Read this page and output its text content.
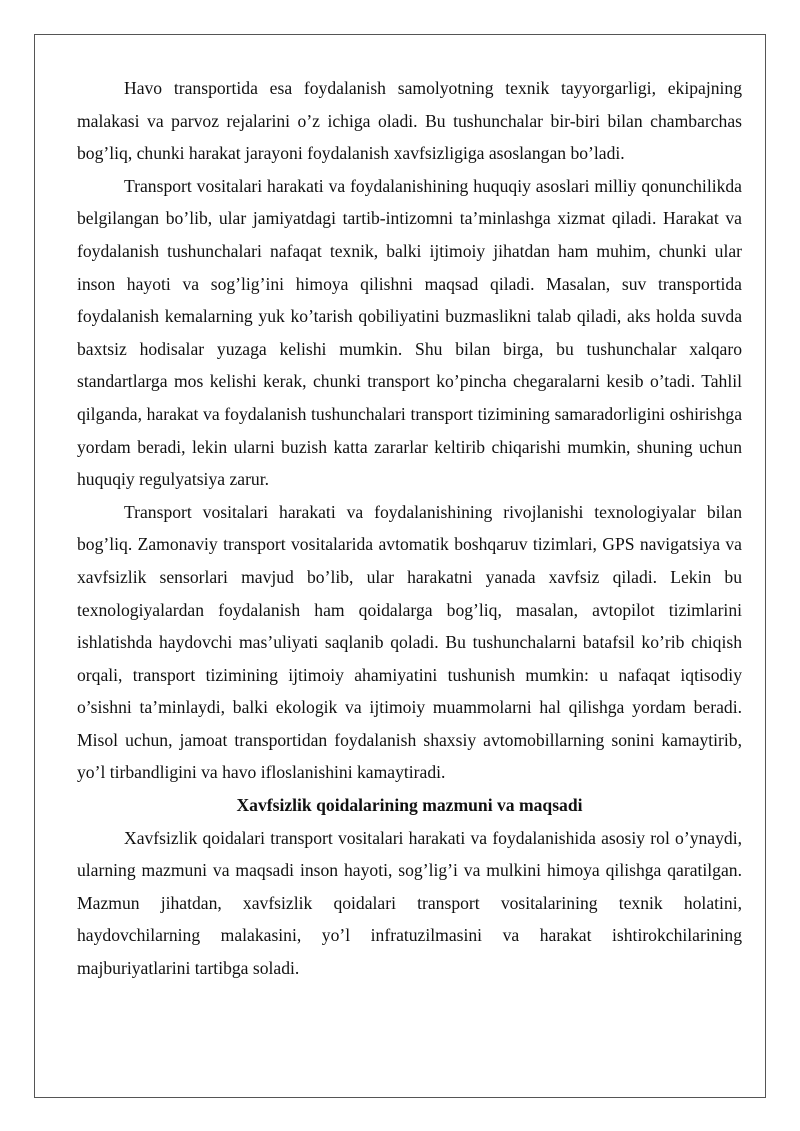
Havo transportida esa foydalanish samolyotning texnik tayyorgarligi, ekipajning malakasi va parvoz rejalarini o’z ichiga oladi. Bu tushunchalar bir-biri bilan chambarchas bog’liq, chunki harakat jarayoni foydalanish xavfsizligiga asoslangan bo’ladi.

Transport vositalari harakati va foydalanishining huquqiy asoslari milliy qonunchilikda belgilangan bo’lib, ular jamiyatdagi tartib-intizomni ta’minlashga xizmat qiladi. Harakat va foydalanish tushunchalari nafaqat texnik, balki ijtimoiy jihatdan ham muhim, chunki ular inson hayoti va sog’lig’ini himoya qilishni maqsad qiladi. Masalan, suv transportida foydalanish kemalarning yuk ko’tarish qobiliyatini buzmaslikni talab qiladi, aks holda suvda baxtsiz hodisalar yuzaga kelishi mumkin. Shu bilan birga, bu tushunchalar xalqaro standartlarga mos kelishi kerak, chunki transport ko’pincha chegaralarni kesib o’tadi. Tahlil qilganda, harakat va foydalanish tushunchalari transport tizimining samaradorligini oshirishga yordam beradi, lekin ularni buzish katta zararlar keltirib chiqarishi mumkin, shuning uchun huquqiy regulyatsiya zarur.

Transport vositalari harakati va foydalanishining rivojlanishi texnologiyalar bilan bog’liq. Zamonaviy transport vositalarida avtomatik boshqaruv tizimlari, GPS navigatsiya va xavfsizlik sensorlari mavjud bo’lib, ular harakatni yanada xavfsiz qiladi. Lekin bu texnologiyalardan foydalanish ham qoidalarga bog’liq, masalan, avtopilot tizimlarini ishlatishda haydovchi mas’uliyati saqlanib qoladi. Bu tushunchalarni batafsil ko’rib chiqish orqali, transport tizimining ijtimoiy ahamiyatini tushunish mumkin: u nafaqat iqtisodiy o’sishni ta’minlaydi, balki ekologik va ijtimoiy muammolarni hal qilishga yordam beradi. Misol uchun, jamoat transportidan foydalanish shaxsiy avtomobillarning sonini kamaytirib, yo’l tirbandligini va havo ifloslanishini kamaytiradi.

Xavfsizlik qoidalarining mazmuni va maqsadi

Xavfsizlik qoidalari transport vositalari harakati va foydalanishida asosiy rol o’ynaydi, ularning mazmuni va maqsadi inson hayoti, sog’lig’i va mulkini himoya qilishga qaratilgan. Mazmun jihatdan, xavfsizlik qoidalari transport vositalarining texnik holatini, haydovchilarning malakasini, yo’l infratuzilmasini va harakat ishtirokchilarining majburiyatlarini tartibga soladi.
